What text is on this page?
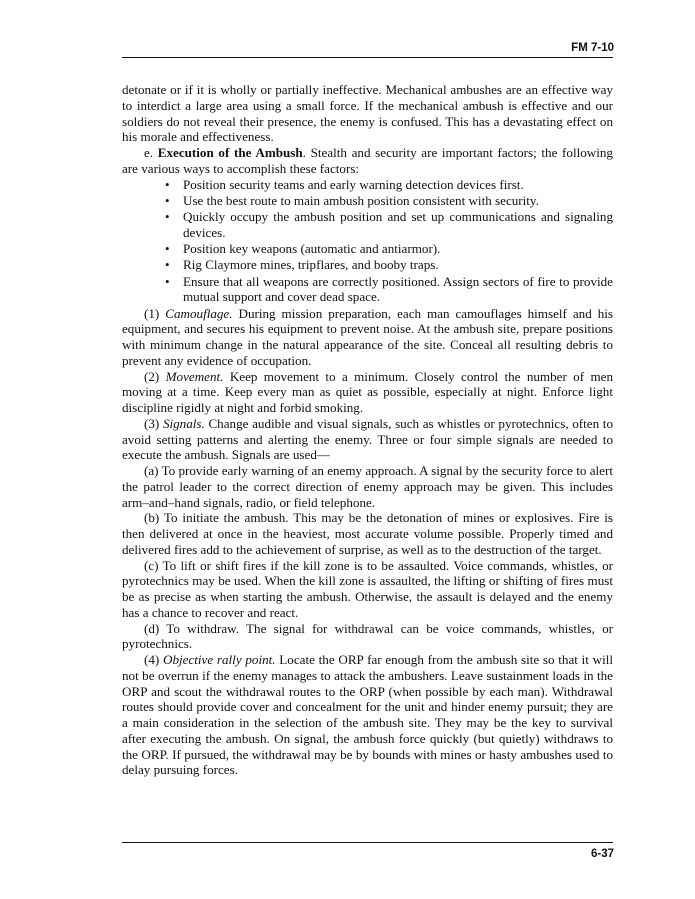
FM 7-10

detonate or if it is wholly or partially ineffective. Mechanical ambushes are an effective way to interdict a large area using a small force. If the mechanical ambush is effective and our soldiers do not reveal their presence, the enemy is confused. This has a devastating effect on his morale and effectiveness.

e. Execution of the Ambush. Stealth and security are important factors; the following are various ways to accomplish these factors:

• Position security teams and early warning detection devices first.
• Use the best route to main ambush position consistent with security.
• Quickly occupy the ambush position and set up communications and signaling devices.
• Position key weapons (automatic and antiarmor).
• Rig Claymore mines, tripflares, and booby traps.
• Ensure that all weapons are correctly positioned. Assign sectors of fire to provide mutual support and cover dead space.

(1) Camouflage. During mission preparation, each man camouflages himself and his equipment, and secures his equipment to prevent noise. At the ambush site, prepare positions with minimum change in the natural appearance of the site. Conceal all resulting debris to prevent any evidence of occupation.

(2) Movement. Keep movement to a minimum. Closely control the number of men moving at a time. Keep every man as quiet as possible, especially at night. Enforce light discipline rigidly at night and forbid smoking.

(3) Signals. Change audible and visual signals, such as whistles or pyrotechnics, often to avoid setting patterns and alerting the enemy. Three or four simple signals are needed to execute the ambush. Signals are used—

(a) To provide early warning of an enemy approach. A signal by the security force to alert the patrol leader to the correct direction of enemy approach may be given. This includes arm–and–hand signals, radio, or field telephone.

(b) To initiate the ambush. This may be the detonation of mines or explosives. Fire is then delivered at once in the heaviest, most accurate volume possible. Properly timed and delivered fires add to the achievement of surprise, as well as to the destruction of the target.

(c) To lift or shift fires if the kill zone is to be assaulted. Voice commands, whistles, or pyrotechnics may be used. When the kill zone is assaulted, the lifting or shifting of fires must be as precise as when starting the ambush. Otherwise, the assault is delayed and the enemy has a chance to recover and react.

(d) To withdraw. The signal for withdrawal can be voice commands, whistles, or pyrotechnics.

(4) Objective rally point. Locate the ORP far enough from the ambush site so that it will not be overrun if the enemy manages to attack the ambushers. Leave sustainment loads in the ORP and scout the withdrawal routes to the ORP (when possible by each man). Withdrawal routes should provide cover and concealment for the unit and hinder enemy pursuit; they are a main consideration in the selection of the ambush site. They may be the key to survival after executing the ambush. On signal, the ambush force quickly (but quietly) withdraws to the ORP. If pursued, the withdrawal may be by bounds with mines or hasty ambushes used to delay pursuing forces.

6-37
